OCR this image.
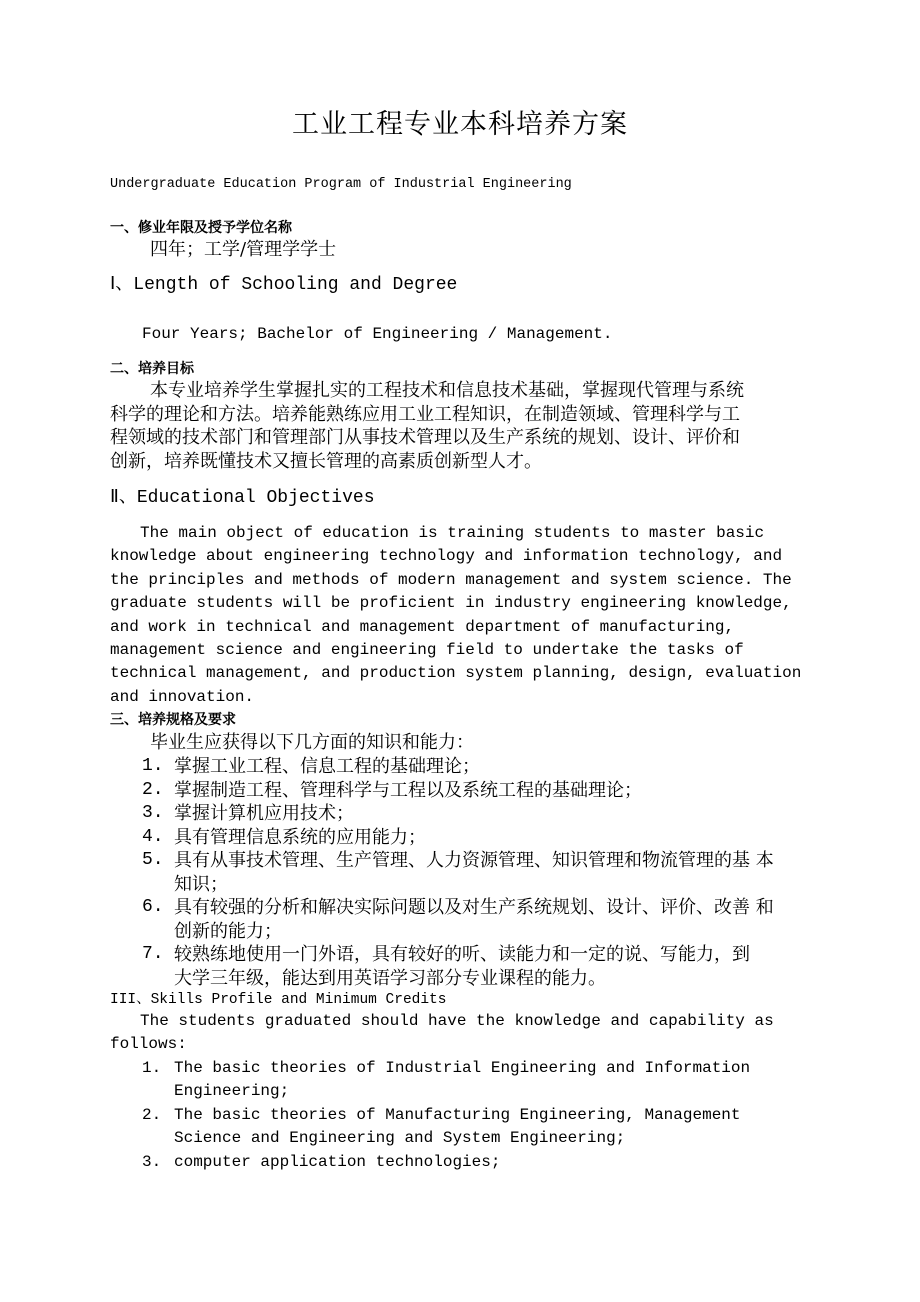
工业工程专业本科培养方案
Undergraduate Education Program of Industrial Engineering
一、修业年限及授予学位名称
四年；工学/管理学学士
Ⅰ、Length of Schooling and Degree
Four Years; Bachelor of Engineering / Management.
二、培养目标
本专业培养学生掌握扎实的工程技术和信息技术基础，掌握现代管理与系统
科学的理论和方法。培养能熟练应用工业工程知识，在制造领域、管理科学与工
程领域的技术部门和管理部门从事技术管理以及生产系统的规划、设计、评价和
创新，培养既懂技术又擅长管理的高素质创新型人才。
Ⅱ、Educational Objectives
The main object of education is training students to master basic
knowledge about engineering technology and information technology, and
the principles and methods of modern management and system science. The
graduate students will be proficient in industry engineering knowledge,
and work in technical and management department of manufacturing,
management science and engineering field to undertake the tasks of
technical management, and production system planning, design, evaluation
and innovation.
三、培养规格及要求
毕业生应获得以下几方面的知识和能力：
1. 掌握工业工程、信息工程的基础理论；
2. 掌握制造工程、管理科学与工程以及系统工程的基础理论；
3. 掌握计算机应用技术；
4. 具有管理信息系统的应用能力；
5. 具有从事技术管理、生产管理、人力资源管理、知识管理和物流管理的基 本
知识；
6. 具有较强的分析和解决实际问题以及对生产系统规划、设计、评价、改善 和
创新的能力；
7. 较熟练地使用一门外语，具有较好的听、读能力和一定的说、写能力，到
大学三年级，能达到用英语学习部分专业课程的能力。
III、Skills Profile and Minimum Credits
The students graduated should have the knowledge and capability as
follows:
1. The basic theories of Industrial Engineering and Information
Engineering;
2. The basic theories of Manufacturing Engineering, Management
Science and Engineering and System Engineering;
3. computer application technologies;
